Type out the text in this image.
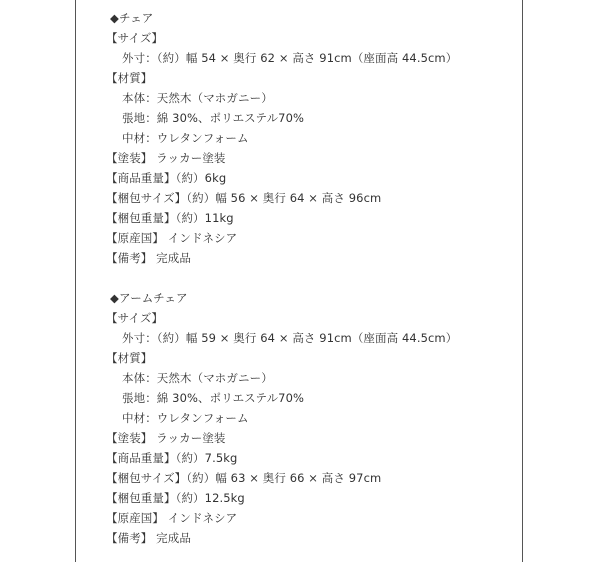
◆チェア
【サイズ】
外寸：（約）幅 54 × 奥行 62 × 高さ 91cm（座面高 44.5cm）
【材質】
本体：天然木（マホガニー）
張地：綿 30%、ポリエステル70%
中材：ウレタンフォーム
【塗装】 ラッカー塗装
【商品重量】（約）6kg
【梱包サイズ】（約）幅 56 × 奥行 64 × 高さ 96cm
【梱包重量】（約）11kg
【原産国】 インドネシア
【備考】 完成品
◆アームチェア
【サイズ】
外寸：（約）幅 59 × 奥行 64 × 高さ 91cm（座面高 44.5cm）
【材質】
本体：天然木（マホガニー）
張地：綿 30%、ポリエステル70%
中材：ウレタンフォーム
【塗装】 ラッカー塗装
【商品重量】（約）7.5kg
【梱包サイズ】（約）幅 63 × 奥行 66 × 高さ 97cm
【梱包重量】（約）12.5kg
【原産国】 インドネシア
【備考】 完成品
